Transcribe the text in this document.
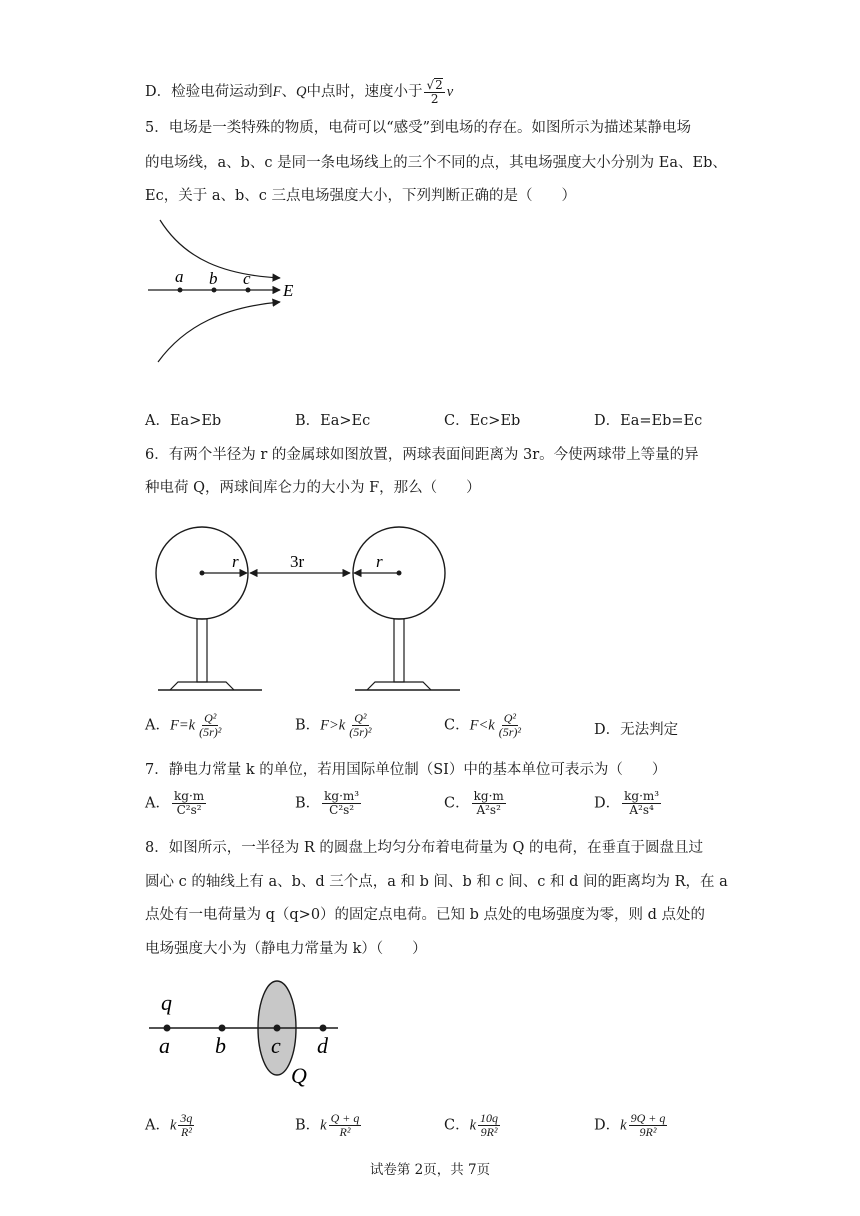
D．检验电荷运动到F、Q中点时，速度小于 $\frac{√2}{2}$ v
5．电场是一类特殊的物质，电荷可以“感受”到电场的存在。如图所示为描述某静电场
的电场线，a、b、c 是同一条电场线上的三个不同的点，其电场强度大小分别为 Ea、Eb、
Ec，关于 a、b、c 三点电场强度大小，下列判断正确的是（　　）
a b c
E
A．Ea>Eb	B．Ea>Ec	C．Ec>Eb	D．Ea=Eb=Ec
6．有两个半径为 r 的金属球如图放置，两球表面间距离为 3r。今使两球带上等量的异
种电荷 Q，两球间库仑力的大小为 F，那么（　　）
r	3r	r
A．$F=k \frac{\text{Q²}}{\text{(5r)²}}$	B．$F>k \frac{\text{Q²}}{\text{(5r)²}}$	C．$F<k \frac{\text{Q²}}{\text{(5r)²}}$	D．无法判定
7．静电力常量 k 的单位，若用国际单位制（SI）中的基本单位可表示为（　　）
A． $\frac{kg\cdot m}{\text{C²s²}}$	B． $\frac{\text{kg·m³}}{\text{C²s²}}$	C． $\frac{kg\cdot m}{\text{A²s²}}$	D． $\frac{\text{kg·m³}}{\text{A²s⁴}}$
8．如图所示，一半径为 R 的圆盘上均匀分布着电荷量为 Q 的电荷，在垂直于圆盘且过
圆心 c 的轴线上有 a、b、d 三个点，a 和 b 间、b 和 c 间、c 和 d 间的距离均为 R，在 a
点处有一电荷量为 q（q>0）的固定点电荷。已知 b 点处的电场强度为零，则 d 点处的
电场强度大小为（静电力常量为 k）（　　）
q
a b c d
Q
A．k $\frac{3q}{\text{R²}}$	B．k $\frac{Q + q}{\text{R²}}$	C．k $\frac{10q}{\text{9R²}}$	D．k $\frac{9Q + q}{\text{9R²}}$
试卷第 2页，共 7页
